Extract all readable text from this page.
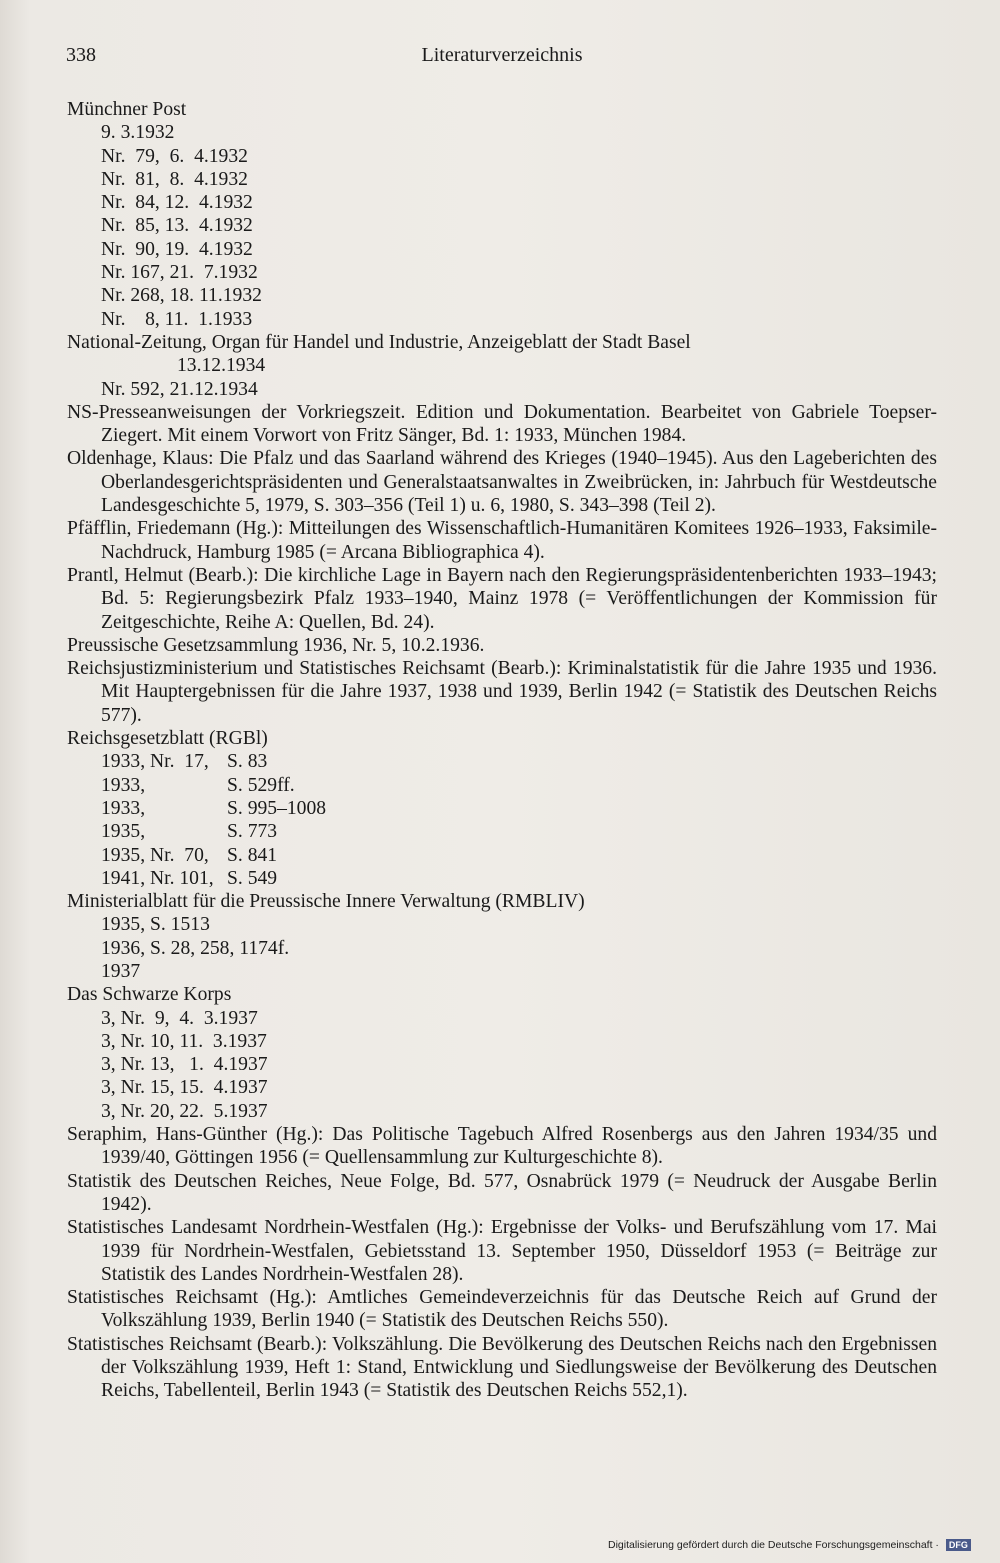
338	Literaturverzeichnis
Münchner Post
9. 3.1932
Nr.  79,  6.  4.1932
Nr.  81,  8.  4.1932
Nr.  84, 12.  4.1932
Nr.  85, 13.  4.1932
Nr.  90, 19.  4.1932
Nr. 167, 21.  7.1932
Nr. 268, 18. 11.1932
Nr.    8, 11.  1.1933
National-Zeitung, Organ für Handel und Industrie, Anzeigeblatt der Stadt Basel
13.12.1934
Nr. 592, 21.12.1934
NS-Presseanweisungen der Vorkriegszeit. Edition und Dokumentation. Bearbeitet von Gabriele Toepser-Ziegert. Mit einem Vorwort von Fritz Sänger, Bd. 1: 1933, München 1984.
Oldenhage, Klaus: Die Pfalz und das Saarland während des Krieges (1940–1945). Aus den Lageberichten des Oberlandesgerichtspräsidenten und Generalstaatsanwaltes in Zweibrücken, in: Jahrbuch für Westdeutsche Landesgeschichte 5, 1979, S. 303–356 (Teil 1) u. 6, 1980, S. 343–398 (Teil 2).
Pfäfflin, Friedemann (Hg.): Mitteilungen des Wissenschaftlich-Humanitären Komitees 1926–1933, Faksimile-Nachdruck, Hamburg 1985 (= Arcana Bibliographica 4).
Prantl, Helmut (Bearb.): Die kirchliche Lage in Bayern nach den Regierungspräsidentenberichten 1933–1943; Bd. 5: Regierungsbezirk Pfalz 1933–1940, Mainz 1978 (= Veröffentlichungen der Kommission für Zeitgeschichte, Reihe A: Quellen, Bd. 24).
Preussische Gesetzsammlung 1936, Nr. 5, 10.2.1936.
Reichsjustizministerium und Statistisches Reichsamt (Bearb.): Kriminalstatistik für die Jahre 1935 und 1936. Mit Hauptergebnissen für die Jahre 1937, 1938 und 1939, Berlin 1942 (= Statistik des Deutschen Reichs 577).
Reichsgesetzblatt (RGBl)
1933, Nr.  17, S. 83
1933,	S. 529ff.
1933,	S. 995–1008
1935,	S. 773
1935, Nr.  70, S. 841
1941, Nr. 101, S. 549
Ministerialblatt für die Preussische Innere Verwaltung (RMBLIV)
1935, S. 1513
1936, S. 28, 258, 1174f.
1937
Das Schwarze Korps
3, Nr.  9,  4.  3.1937
3, Nr. 10, 11.  3.1937
3, Nr. 13,   1.  4.1937
3, Nr. 15, 15.  4.1937
3, Nr. 20, 22.  5.1937
Seraphim, Hans-Günther (Hg.): Das Politische Tagebuch Alfred Rosenbergs aus den Jahren 1934/35 und 1939/40, Göttingen 1956 (= Quellensammlung zur Kulturgeschichte 8).
Statistik des Deutschen Reiches, Neue Folge, Bd. 577, Osnabrück 1979 (= Neudruck der Ausgabe Berlin 1942).
Statistisches Landesamt Nordrhein-Westfalen (Hg.): Ergebnisse der Volks- und Berufszählung vom 17. Mai 1939 für Nordrhein-Westfalen, Gebietsstand 13. September 1950, Düsseldorf 1953 (= Beiträge zur Statistik des Landes Nordrhein-Westfalen 28).
Statistisches Reichsamt (Hg.): Amtliches Gemeindeverzeichnis für das Deutsche Reich auf Grund der Volkszählung 1939, Berlin 1940 (= Statistik des Deutschen Reichs 550).
Statistisches Reichsamt (Bearb.): Volkszählung. Die Bevölkerung des Deutschen Reichs nach den Ergebnissen der Volkszählung 1939, Heft 1: Stand, Entwicklung und Siedlungsweise der Bevölkerung des Deutschen Reichs, Tabellenteil, Berlin 1943 (= Statistik des Deutschen Reichs 552,1).
Digitalisierung gefördert durch die Deutsche Forschungsgemeinschaft · DFG
